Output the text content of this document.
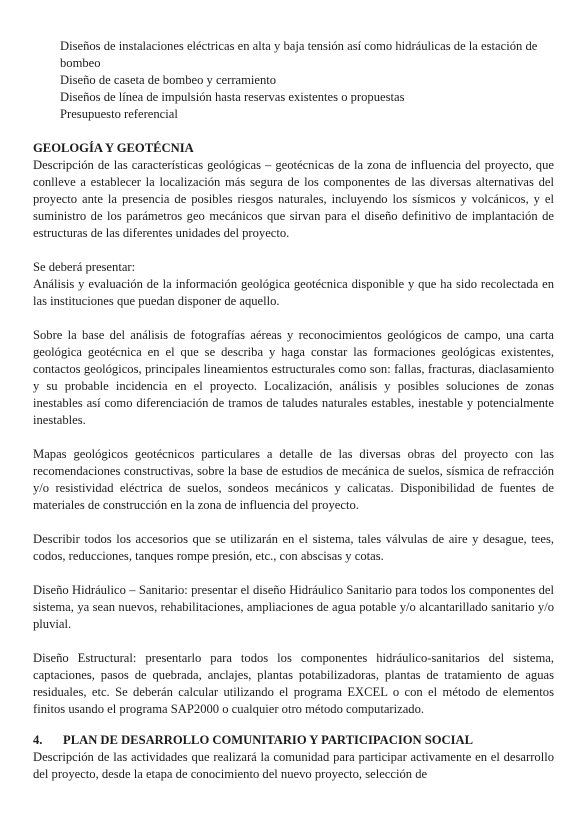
Diseños de instalaciones eléctricas en alta y baja tensión así como hidráulicas de la estación de bombeo
Diseño de caseta de bombeo y cerramiento
Diseños de línea de impulsión hasta reservas existentes o propuestas
Presupuesto referencial
GEOLOGÍA Y GEOTÉCNIA

Descripción de las características geológicas – geotécnicas de la zona de influencia del proyecto, que conlleve a establecer la localización más segura de los componentes de las diversas alternativas del proyecto ante la presencia de posibles riesgos naturales, incluyendo los sísmicos y volcánicos, y el suministro de los parámetros geo mecánicos que sirvan para el diseño definitivo de implantación de estructuras de las diferentes unidades del proyecto.

Se deberá presentar:

Análisis y evaluación de la información geológica geotécnica disponible y que ha sido recolectada en las instituciones que puedan disponer de aquello.

Sobre la base del análisis de fotografías aéreas y reconocimientos geológicos de campo, una carta geológica geotécnica en el que se describa y haga constar las formaciones geológicas existentes, contactos geológicos, principales lineamientos estructurales como son: fallas, fracturas, diaclasamiento y su probable incidencia en el proyecto. Localización, análisis y posibles soluciones de zonas inestables así como diferenciación de tramos de taludes naturales estables, inestable y potencialmente inestables.

Mapas geológicos geotécnicos particulares a detalle de las diversas obras del proyecto con las recomendaciones constructivas, sobre la base de estudios de mecánica de suelos, sísmica de refracción y/o resistividad eléctrica de suelos, sondeos mecánicos y calicatas. Disponibilidad de fuentes de materiales de construcción en la zona de influencia del proyecto.

Describir todos los accesorios que se utilizarán en el sistema, tales válvulas de aire y desague, tees, codos, reducciones, tanques rompe presión, etc., con abscisas y cotas.

Diseño Hidráulico – Sanitario: presentar el diseño Hidráulico Sanitario para todos los componentes del sistema, ya sean nuevos, rehabilitaciones, ampliaciones de agua potable y/o alcantarillado sanitario y/o pluvial.

Diseño Estructural: presentarlo para todos los componentes hidráulico-sanitarios del sistema, captaciones, pasos de quebrada, anclajes, plantas potabilizadoras, plantas de tratamiento de aguas residuales, etc. Se deberán calcular utilizando el programa EXCEL o con el método de elementos finitos usando el programa SAP2000 o cualquier otro método computarizado.

4. PLAN DE DESARROLLO COMUNITARIO Y PARTICIPACION SOCIAL

Descripción de las actividades que realizará la comunidad para participar activamente en el desarrollo del proyecto, desde la etapa de conocimiento del nuevo proyecto, selección de
